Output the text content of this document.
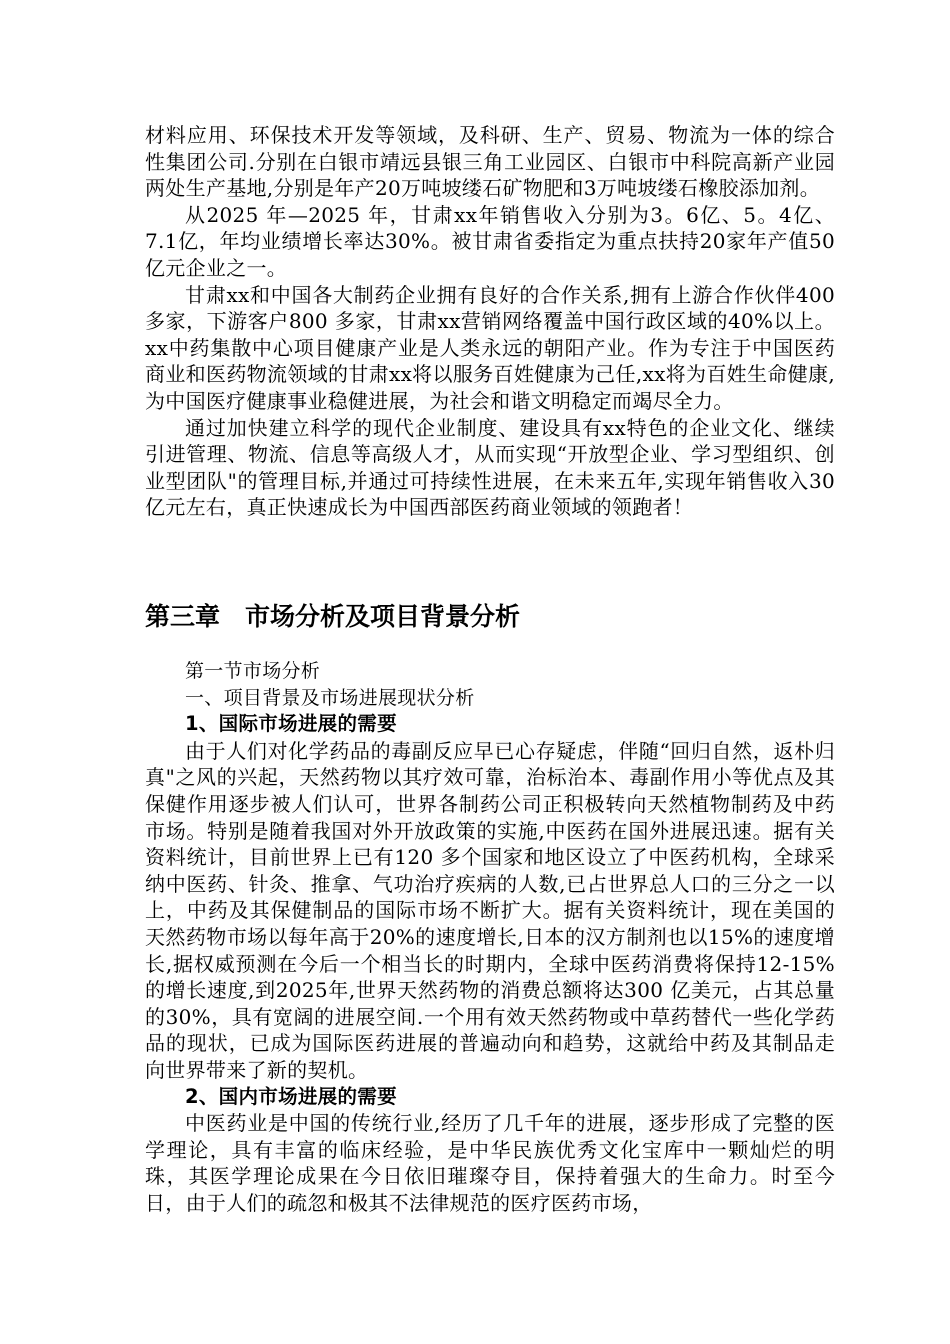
材料应用、环保技术开发等领域，及科研、生产、贸易、物流为一体的综合性集团公司.分别在白银市靖远县银三角工业园区、白银市中科院高新产业园两处生产基地,分别是年产20万吨坡缕石矿物肥和3万吨坡缕石橡胶添加剂。

从2025 年—2025 年，甘肃xx年销售收入分别为3。6亿、5。4亿、7.1亿，年均业绩增长率达30%。被甘肃省委指定为重点扶持20家年产值50亿元企业之一。

甘肃xx和中国各大制药企业拥有良好的合作关系,拥有上游合作伙伴400 多家，下游客户800 多家，甘肃xx营销网络覆盖中国行政区域的40%以上。xx中药集散中心项目健康产业是人类永远的朝阳产业。作为专注于中国医药商业和医药物流领域的甘肃xx将以服务百姓健康为己任,xx将为百姓生命健康,为中国医疗健康事业稳健进展，为社会和谐文明稳定而竭尽全力。

通过加快建立科学的现代企业制度、建设具有xx特色的企业文化、继续引进管理、物流、信息等高级人才，从而实现“开放型企业、学习型组织、创业型团队"的管理目标,并通过可持续性进展，在未来五年,实现年销售收入30亿元左右，真正快速成长为中国西部医药商业领域的领跑者！

第三章　市场分析及项目背景分析

第一节市场分析

一、项目背景及市场进展现状分析

1、国际市场进展的需要

由于人们对化学药品的毒副反应早已心存疑虑，伴随“回归自然，返朴归真"之风的兴起，天然药物以其疗效可靠，治标治本、毒副作用小等优点及其保健作用逐步被人们认可，世界各制药公司正积极转向天然植物制药及中药市场。特别是随着我国对外开放政策的实施,中医药在国外进展迅速。据有关资料统计，目前世界上已有120 多个国家和地区设立了中医药机构，全球采纳中医药、针灸、推拿、气功治疗疾病的人数,已占世界总人口的三分之一以上，中药及其保健制品的国际市场不断扩大。据有关资料统计，现在美国的天然药物市场以每年高于20%的速度增长,日本的汉方制剂也以15%的速度增长,据权威预测在今后一个相当长的时期内，全球中医药消费将保持12-15%的增长速度,到2025年,世界天然药物的消费总额将达300 亿美元，占其总量的30%，具有宽阔的进展空间.一个用有效天然药物或中草药替代一些化学药品的现状，已成为国际医药进展的普遍动向和趋势，这就给中药及其制品走向世界带来了新的契机。

2、国内市场进展的需要

中医药业是中国的传统行业,经历了几千年的进展，逐步形成了完整的医学理论，具有丰富的临床经验，是中华民族优秀文化宝库中一颗灿烂的明珠，其医学理论成果在今日依旧璀璨夺目，保持着强大的生命力。时至今日，由于人们的疏忽和极其不法律规范的医疗医药市场，
